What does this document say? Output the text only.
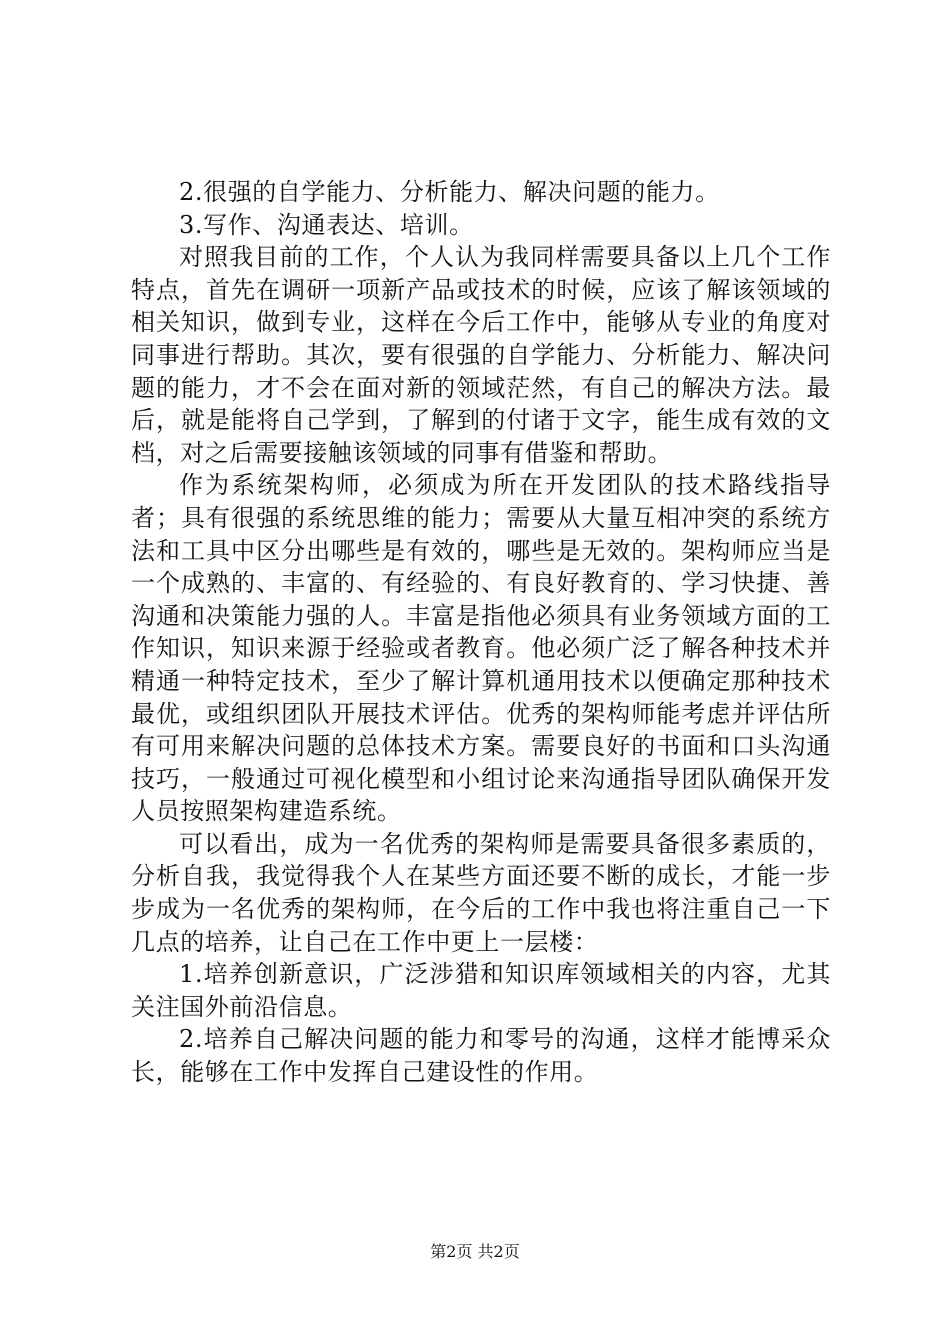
2.很强的自学能力、分析能力、解决问题的能力。

3.写作、沟通表达、培训。

对照我目前的工作，个人认为我同样需要具备以上几个工作特点，首先在调研一项新产品或技术的时候，应该了解该领域的相关知识，做到专业，这样在今后工作中，能够从专业的角度对同事进行帮助。其次，要有很强的自学能力、分析能力、解决问题的能力，才不会在面对新的领域茫然，有自己的解决方法。最后，就是能将自己学到，了解到的付诸于文字，能生成有效的文档，对之后需要接触该领域的同事有借鉴和帮助。

作为系统架构师，必须成为所在开发团队的技术路线指导者；具有很强的系统思维的能力；需要从大量互相冲突的系统方法和工具中区分出哪些是有效的，哪些是无效的。架构师应当是一个成熟的、丰富的、有经验的、有良好教育的、学习快捷、善沟通和决策能力强的人。丰富是指他必须具有业务领域方面的工作知识，知识来源于经验或者教育。他必须广泛了解各种技术并精通一种特定技术，至少了解计算机通用技术以便确定那种技术最优，或组织团队开展技术评估。优秀的架构师能考虑并评估所有可用来解决问题的总体技术方案。需要良好的书面和口头沟通技巧，一般通过可视化模型和小组讨论来沟通指导团队确保开发人员按照架构建造系统。

可以看出，成为一名优秀的架构师是需要具备很多素质的，分析自我，我觉得我个人在某些方面还要不断的成长，才能一步步成为一名优秀的架构师，在今后的工作中我也将注重自己一下几点的培养，让自己在工作中更上一层楼：

1.培养创新意识，广泛涉猎和知识库领域相关的内容，尤其关注国外前沿信息。

2.培养自己解决问题的能力和零号的沟通，这样才能博采众长，能够在工作中发挥自己建设性的作用。

第2页 共2页
